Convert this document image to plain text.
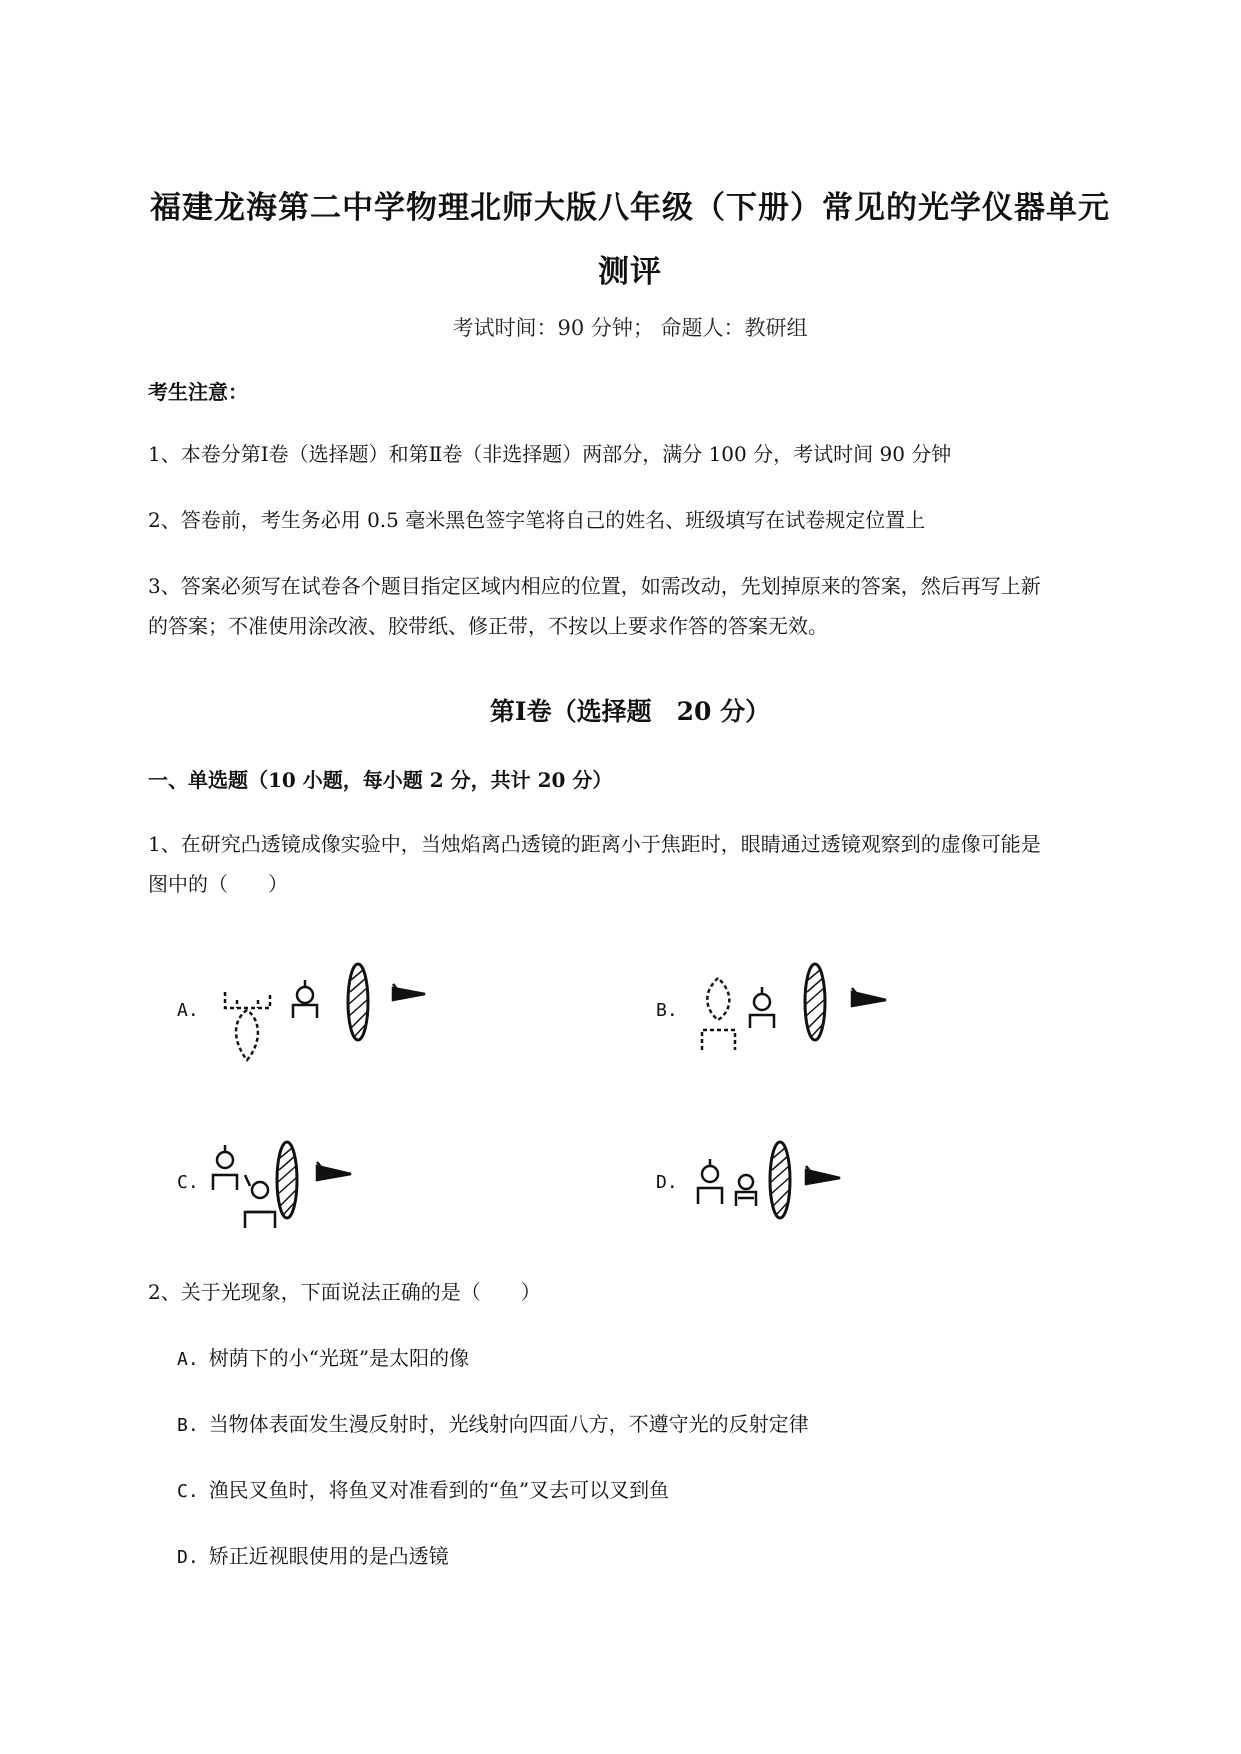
福建龙海第二中学物理北师大版八年级（下册）常见的光学仪器单元
测评
考试时间：90 分钟； 命题人：教研组
考生注意：
1、本卷分第Ⅰ卷（选择题）和第Ⅱ卷（非选择题）两部分，满分 100 分，考试时间 90 分钟
2、答卷前，考生务必用 0.5 毫米黑色签字笔将自己的姓名、班级填写在试卷规定位置上
3、答案必须写在试卷各个题目指定区域内相应的位置，如需改动，先划掉原来的答案，然后再写上新
的答案；不准使用涂改液、胶带纸、修正带，不按以上要求作答的答案无效。
第Ⅰ卷（选择题　20 分）
一、单选题（10 小题，每小题 2 分，共计 20 分）
1、在研究凸透镜成像实验中，当烛焰离凸透镜的距离小于焦距时，眼睛通过透镜观察到的虚像可能是
图中的（　　）
A.	B.
C.	D.
2、关于光现象，下面说法正确的是（　　）
A. 树荫下的小“光斑”是太阳的像
B. 当物体表面发生漫反射时，光线射向四面八方，不遵守光的反射定律
C. 渔民叉鱼时，将鱼叉对准看到的“鱼”叉去可以叉到鱼
D. 矫正近视眼使用的是凸透镜
